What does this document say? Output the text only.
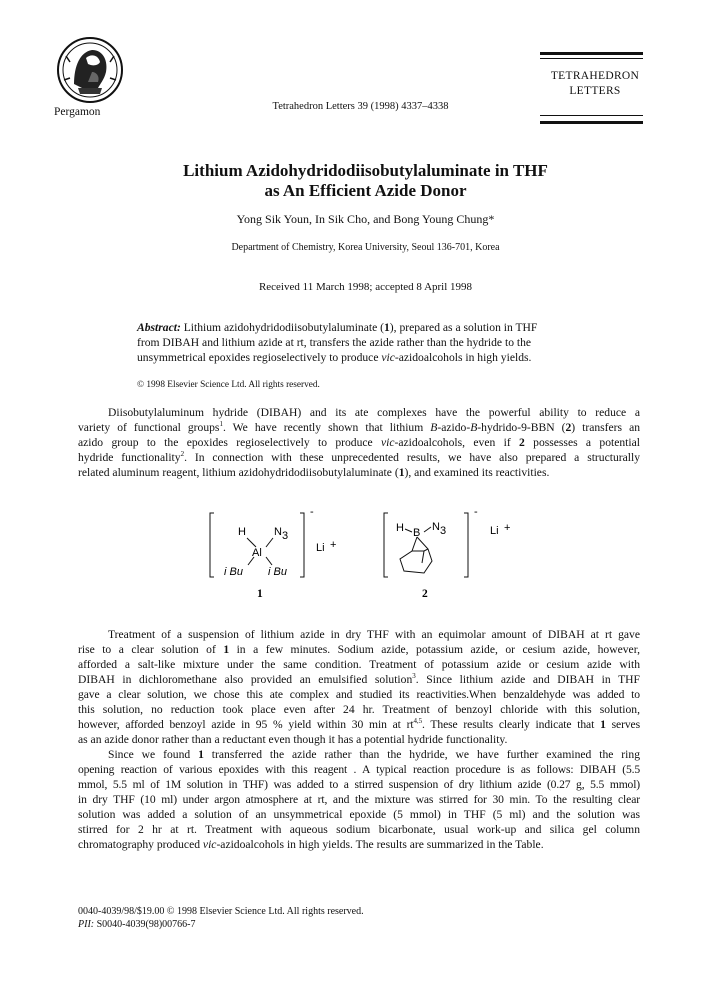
Pergamon	Tetrahedron Letters 39 (1998) 4337–4338
TETRAHEDRON
LETTERS
Lithium Azidohydridodiisobutylaluminate in THF
as An Efficient Azide Donor
Yong Sik Youn, In Sik Cho, and Bong Young Chung*
Department of Chemistry, Korea University, Seoul 136-701, Korea
Received 11 March 1998; accepted 8 April 1998
Abstract: Lithium azidohydridodiisobutylaluminate (1), prepared as a solution in THF
from DIBAH and lithium azide at rt, transfers the azide rather than the hydride to the
unsymmetrical epoxides regioselectively to produce vic-azidoalcohols in high yields.
© 1998 Elsevier Science Ltd. All rights reserved.
Diisobutylaluminum hydride (DIBAH) and its ate complexes have the powerful ability to reduce a
variety of functional groups$^1$. We have recently shown that lithium B-azido-B-hydrido-9-BBN (2) transfers an
azido group to the epoxides regioselectively to produce vic-azidoalcohols, even if 2 possesses a potential
hydride functionality$^2$. In connection with these unprecedented results, we have also prepared a structurally
related aluminum reagent, lithium azidohydridodiisobutylaluminate (1), and examined its reactivities.
H	N 3
Al
i Bu i Bu
-
Li +
1
H B N 3
-
Li +
2
Treatment of a suspension of lithium azide in dry THF with an equimolar amount of DIBAH at rt gave
rise to a clear solution of 1 in a few minutes. Sodium azide, potassium azide, or cesium azide, however,
afforded a salt-like mixture under the same condition. Treatment of potassium azide or cesium azide with
DIBAH in dichloromethane also provided an emulsified solution$^3$. Since lithium azide and DIBAH in THF
gave a clear solution, we chose this ate complex and studied its reactivities.When benzaldehyde was added to
this solution, no reduction took place even after 24 hr. Treatment of benzoyl chloride with this solution,
however, afforded benzoyl azide in 95 % yield within 30 min at rt$^{4,5}$. These results clearly indicate that 1 serves
as an azide donor rather than a reductant even though it has a potential hydride functionality.
Since we found 1 transferred the azide rather than the hydride, we have further examined the ring
opening reaction of various epoxides with this reagent . A typical reaction procedure is as follows: DIBAH (5.5
mmol, 5.5 ml of 1M solution in THF) was added to a stirred suspension of dry lithium azide (0.27 g, 5.5 mmol)
in dry THF (10 ml) under argon atmosphere at rt, and the mixture was stirred for 30 min. To the resulting clear
solution was added a solution of an unsymmetrical epoxide (5 mmol) in THF (5 ml) and the solution was
stirred for 2 hr at rt. Treatment with aqueous sodium bicarbonate, usual work-up and silica gel column
chromatography produced vic-azidoalcohols in high yields. The results are summarized in the Table.
0040-4039/98/$19.00 © 1998 Elsevier Science Ltd. All rights reserved.
PII: S0040-4039(98)00766-7
